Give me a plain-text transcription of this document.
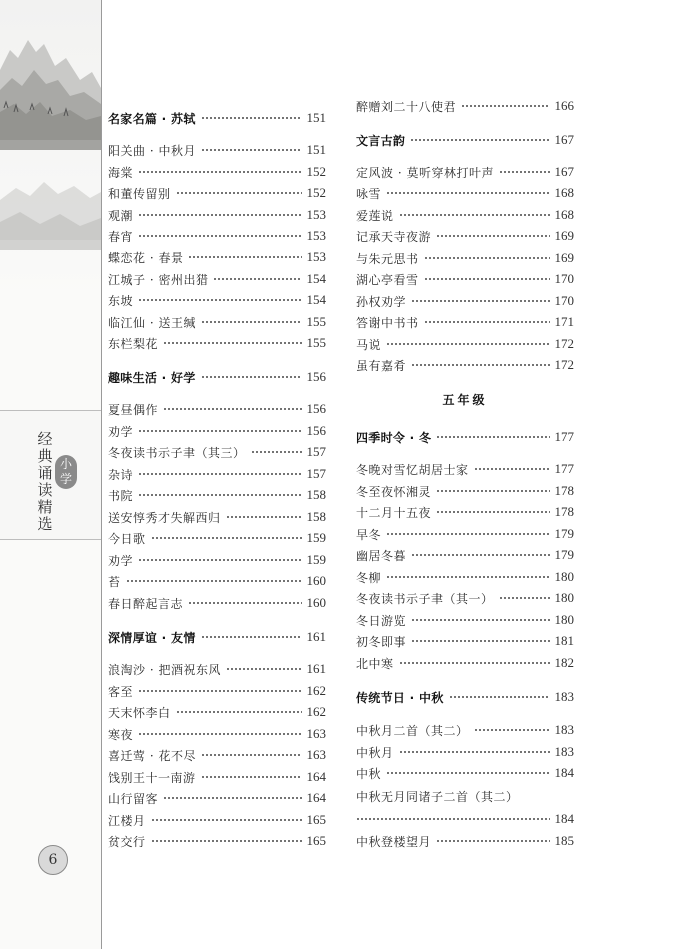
经
典
诵
读
精
选
小
学
6
名家名篇 · 苏轼	151
阳关曲 · 中秋月	151
海棠	152
和董传留别	152
观潮	153
春宵	153
蝶恋花 · 春景	153
江城子 · 密州出猎	154
东坡	154
临江仙 · 送王缄	155
东栏梨花	155
趣味生活 · 好学	156
夏昼偶作	156
劝学	156
冬夜读书示子聿（其三）	157
杂诗	157
书院	158
送安惇秀才失解西归	158
今日歌	159
劝学	159
苔	160
春日醉起言志	160
深情厚谊 · 友情	161
浪淘沙 · 把酒祝东风	161
客至	162
天末怀李白	162
寒夜	163
喜迁莺 · 花不尽	163
饯别王十一南游	164
山行留客	164
江楼月	165
贫交行	165
醉赠刘二十八使君	166
文言古韵	167
定风波 · 莫听穿林打叶声	167
咏雪	168
爱莲说	168
记承天寺夜游	169
与朱元思书	169
湖心亭看雪	170
孙权劝学	170
答谢中书书	171
马说	172
虽有嘉肴	172
五年级
四季时令 · 冬	177
冬晚对雪忆胡居士家	177
冬至夜怀湘灵	178
十二月十五夜	178
早冬	179
幽居冬暮	179
冬柳	180
冬夜读书示子聿（其一）	180
冬日游览	180
初冬即事	181
北中寒	182
传统节日 · 中秋	183
中秋月二首（其二）	183
中秋月	183
中秋	184
中秋无月同诸子二首（其二）
184
中秋登楼望月	185
